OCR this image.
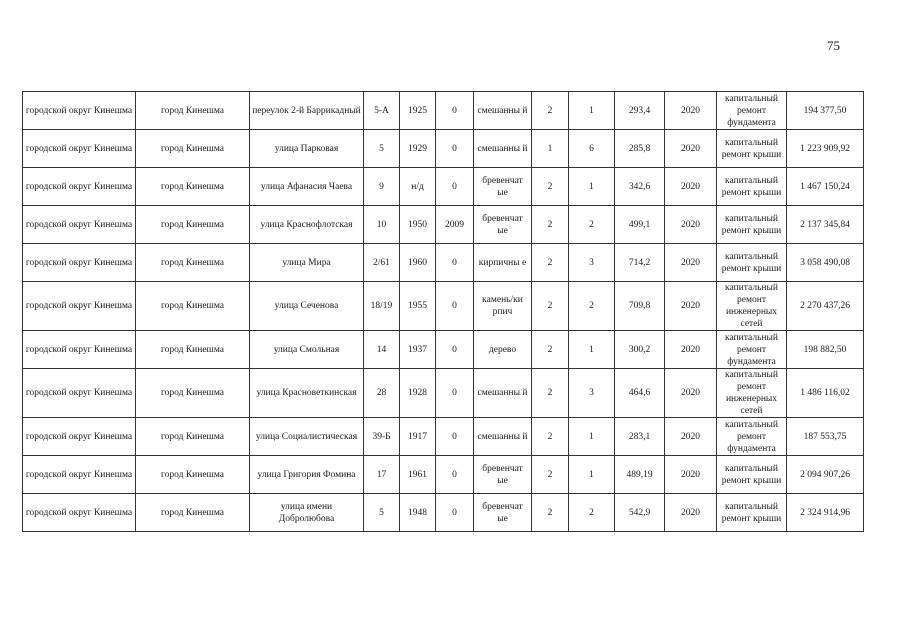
75
городской округ Кинешма	город Кинешма	переулок 2-й Баррикадный	5-А	1925	0	смешанны й	2	1	293,4	2020	капитальный ремонт фундамента	194 377,50
городской округ Кинешма	город Кинешма	улица Парковая	5	1929	0	смешанны й	1	6	285,8	2020	капитальный ремонт крыши	1 223 909,92
городской округ Кинешма	город Кинешма	улица Афанасия Чаева	9	н/д	0	бревенчат ые	2	1	342,6	2020	капитальный ремонт крыши	1 467 150,24
городской округ Кинешма	город Кинешма	улица Краснофлотская	10	1950	2009	бревенчат ые	2	2	499,1	2020	капитальный ремонт крыши	2 137 345,84
городской округ Кинешма	город Кинешма	улица Мира	2/61	1960	0	кирпичны е	2	3	714,2	2020	капитальный ремонт крыши	3 058 490,08
городской округ Кинешма	город Кинешма	улица Сеченова	18/19	1955	0	камень/ки рпич	2	2	709,8	2020	капитальный ремонт инженерных сетей	2 270 437,26
городской округ Кинешма	город Кинешма	улица Смольная	14	1937	0	дерево	2	1	300,2	2020	капитальный ремонт фундамента	198 882,50
городской округ Кинешма	город Кинешма	улица Красноветкинская	28	1928	0	смешанны й	2	3	464,6	2020	капитальный ремонт инженерных сетей	1 486 116,02
городской округ Кинешма	город Кинешма	улица Социалистическая	39-Б	1917	0	смешанны й	2	1	283,1	2020	капитальный ремонт фундамента	187 553,75
городской округ Кинешма	город Кинешма	улица Григория Фомина	17	1961	0	бревенчат ые	2	1	489,19	2020	капитальный ремонт крыши	2 094 907,26
городской округ Кинешма	город Кинешма	улица имени Добролюбова	5	1948	0	бревенчат ые	2	2	542,9	2020	капитальный ремонт крыши	2 324 914,96
